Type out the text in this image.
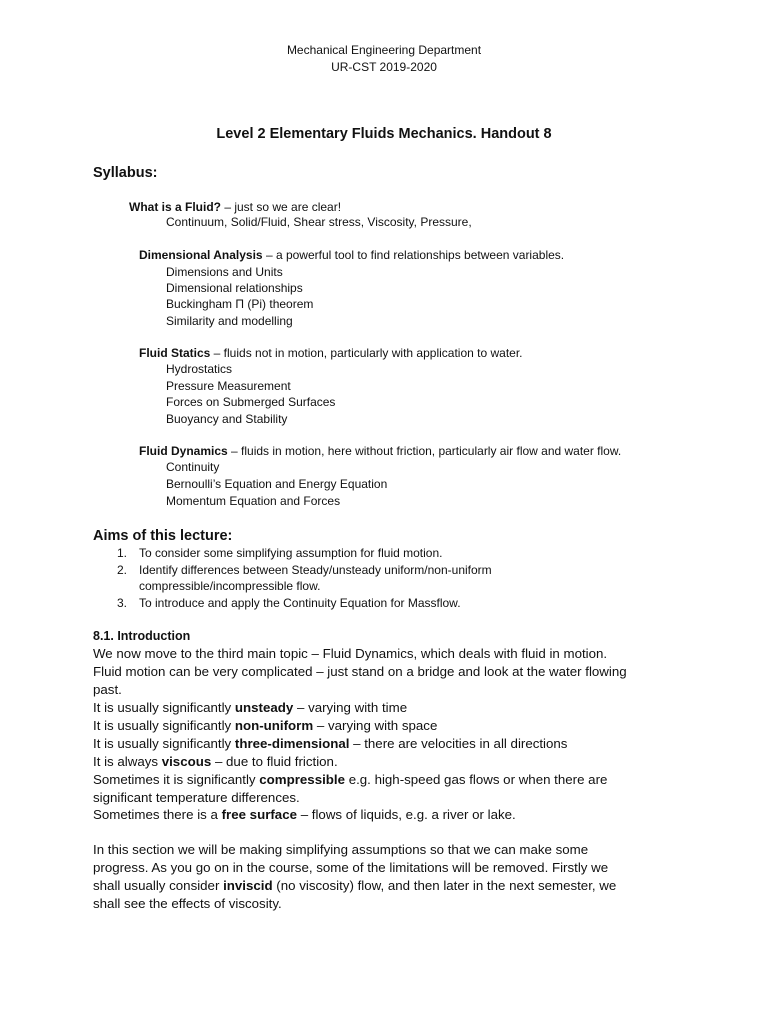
Mechanical Engineering Department
UR-CST 2019-2020
Level 2 Elementary Fluids Mechanics. Handout 8
Syllabus:
What is a Fluid? – just so we are clear!
Continuum, Solid/Fluid, Shear stress, Viscosity, Pressure,
Dimensional Analysis – a powerful tool to find relationships between variables.
Dimensions and Units
Dimensional relationships
Buckingham Π (Pi) theorem
Similarity and modelling
Fluid Statics – fluids not in motion, particularly with application to water.
Hydrostatics
Pressure Measurement
Forces on Submerged Surfaces
Buoyancy and Stability
Fluid Dynamics – fluids in motion, here without friction, particularly air flow and water flow.
Continuity
Bernoulli’s Equation and Energy Equation
Momentum Equation and Forces
Aims of this lecture:
1. To consider some simplifying assumption for fluid motion.
2. Identify differences between Steady/unsteady uniform/non-uniform
compressible/incompressible flow.
3. To introduce and apply the Continuity Equation for Massflow.
8.1. Introduction
We now move to the third main topic – Fluid Dynamics, which deals with fluid in motion.
Fluid motion can be very complicated – just stand on a bridge and look at the water flowing
past.
It is usually significantly unsteady – varying with time
It is usually significantly non-uniform – varying with space
It is usually significantly three-dimensional – there are velocities in all directions
It is always viscous – due to fluid friction.
Sometimes it is significantly compressible e.g. high-speed gas flows or when there are
significant temperature differences.
Sometimes there is a free surface – flows of liquids, e.g. a river or lake.
In this section we will be making simplifying assumptions so that we can make some
progress. As you go on in the course, some of the limitations will be removed. Firstly we
shall usually consider inviscid (no viscosity) flow, and then later in the next semester, we
shall see the effects of viscosity.
